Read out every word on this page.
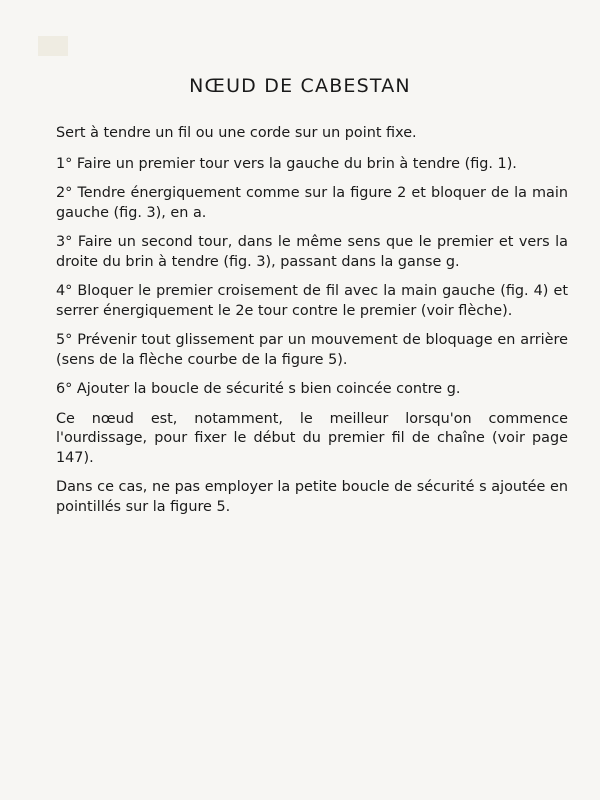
NŒUD DE CABESTAN

Sert à tendre un fil ou une corde sur un point fixe.

1° Faire un premier tour vers la gauche du brin à tendre (fig. 1).

2° Tendre énergiquement comme sur la figure 2 et bloquer de la main gauche (fig. 3), en a.

3° Faire un second tour, dans le même sens que le premier et vers la droite du brin à tendre (fig. 3), passant dans la ganse g.

4° Bloquer le premier croisement de fil avec la main gauche (fig. 4) et serrer énergiquement le 2e tour contre le premier (voir flèche).

5° Prévenir tout glissement par un mouvement de bloquage en arrière (sens de la flèche courbe de la figure 5).

6° Ajouter la boucle de sécurité s bien coincée contre g.

Ce nœud est, notamment, le meilleur lorsqu'on commence l'ourdissage, pour fixer le début du premier fil de chaîne (voir page 147).

Dans ce cas, ne pas employer la petite boucle de sécurité s ajoutée en pointillés sur la figure 5.
